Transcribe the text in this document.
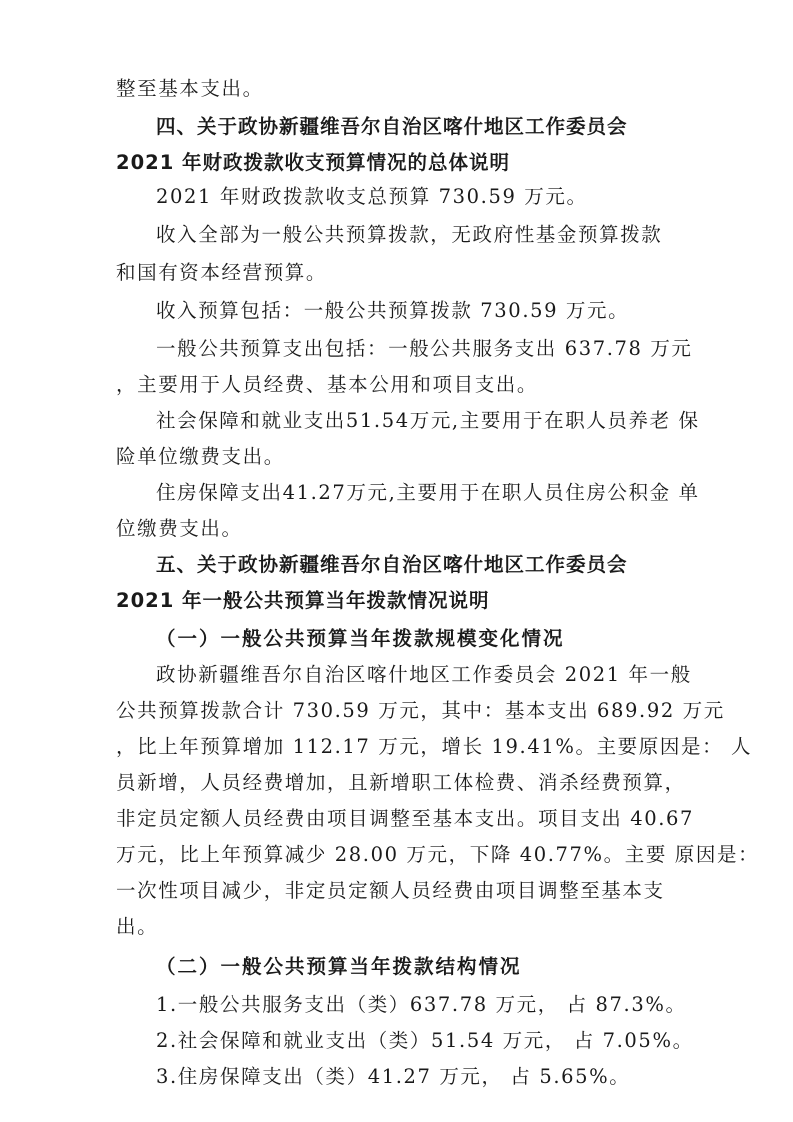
整至基本支出。
四、关于政协新疆维吾尔自治区喀什地区工作委员会
2021 年财政拨款收支预算情况的总体说明
2021 年财政拨款收支总预算 730.59 万元。
收入全部为一般公共预算拨款，无政府性基金预算拨款
和国有资本经营预算。
收入预算包括：一般公共预算拨款 730.59 万元。
一般公共预算支出包括：一般公共服务支出 637.78 万元
，主要用于人员经费、基本公用和项目支出。
社会保障和就业支出51.54万元,主要用于在职人员养老 保
险单位缴费支出。
住房保障支出41.27万元,主要用于在职人员住房公积金 单
位缴费支出。
五、关于政协新疆维吾尔自治区喀什地区工作委员会
2021 年一般公共预算当年拨款情况说明
（一）一般公共预算当年拨款规模变化情况
政协新疆维吾尔自治区喀什地区工作委员会 2021 年一般
公共预算拨款合计 730.59 万元，其中：基本支出 689.92 万元
，比上年预算增加 112.17 万元，增长 19.41%。主要原因是： 人
员新增，人员经费增加，且新增职工体检费、消杀经费预算，
非定员定额人员经费由项目调整至基本支出。项目支出 40.67
万元，比上年预算减少 28.00 万元，下降 40.77%。主要 原因是：
一次性项目减少，非定员定额人员经费由项目调整至基本支
出。
（二）一般公共预算当年拨款结构情况
1.一般公共服务支出（类）637.78 万元， 占 87.3%。
2.社会保障和就业支出（类）51.54 万元， 占 7.05%。
3.住房保障支出（类）41.27 万元， 占 5.65%。
